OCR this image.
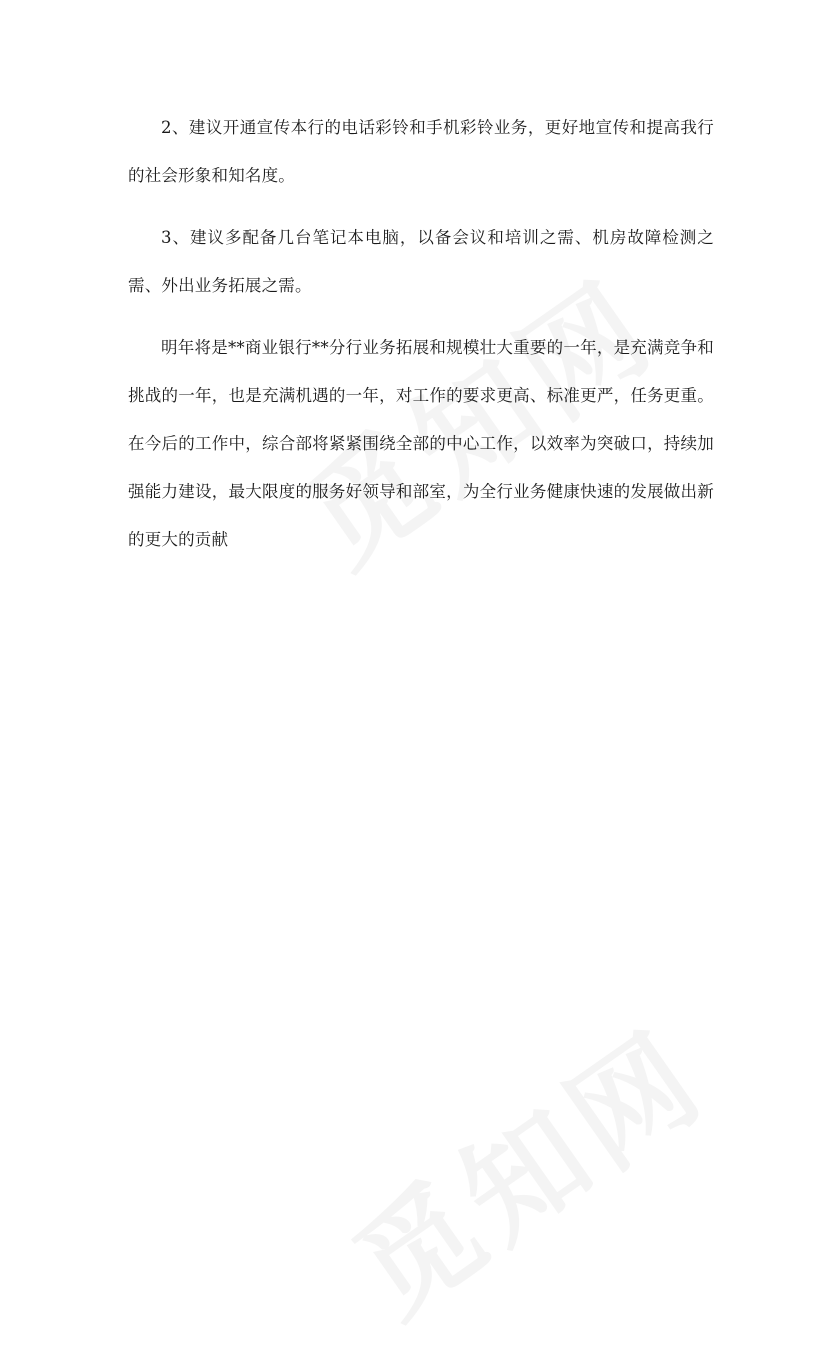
2、建议开通宣传本行的电话彩铃和手机彩铃业务，更好地宣传和提高我行的社会形象和知名度。

3、建议多配备几台笔记本电脑，以备会议和培训之需、机房故障检测之需、外出业务拓展之需。

明年将是**商业银行**分行业务拓展和规模壮大重要的一年，是充满竞争和挑战的一年，也是充满机遇的一年，对工作的要求更高、标准更严，任务更重。在今后的工作中，综合部将紧紧围绕全部的中心工作，以效率为突破口，持续加强能力建设，最大限度的服务好领导和部室，为全行业务健康快速的发展做出新的更大的贡献
